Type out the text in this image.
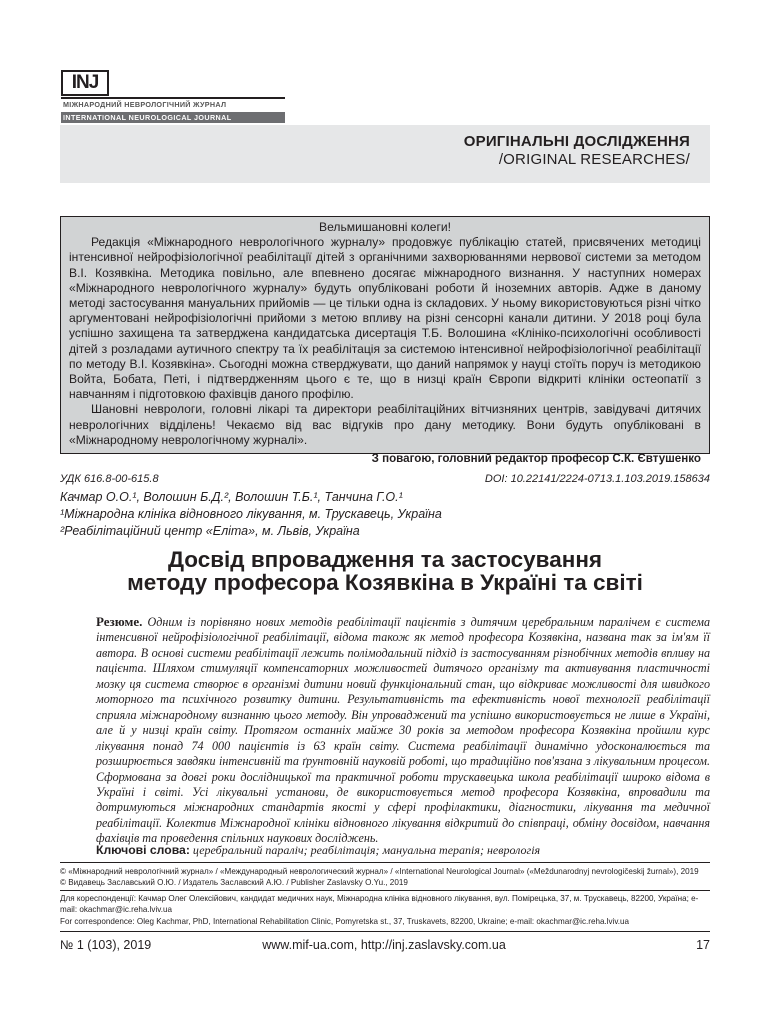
INJ
МІЖНАРОДНИЙ НЕВРОЛОГІЧНИЙ ЖУРНАЛ
INTERNATIONAL NEUROLOGICAL JOURNAL
ОРИГІНАЛЬНІ ДОСЛІДЖЕННЯ
/ORIGINAL RESEARCHES/
Вельмишановні колеги!

Редакція «Міжнародного неврологічного журналу» продовжує публікацію статей, присвячених методиці інтенсивної нейрофізіологічної реабілітації дітей з органічними захворюваннями нервової системи за методом В.І. Козявкіна. Методика повільно, але впевнено досягає міжнародного визнання. У наступних номерах «Міжнародного неврологічного журналу» будуть опубліковані роботи й іноземних авторів. Адже в даному методі застосування мануальних прийомів — це тільки одна із складових. У ньому використовуються різні чітко аргументовані нейрофізіологічні прийоми з метою впливу на різні сенсорні канали дитини. У 2018 році була успішно захищена та затверджена кандидатська дисертація Т.Б. Волошина «Клініко-психологічні особливості дітей з розладами аутичного спектру та їх реабілітація за системою інтенсивної нейрофізіологічної реабілітації по методу В.І. Козявкіна». Сьогодні можна стверджувати, що даний напрямок у науці стоїть поруч із методикою Войта, Бобата, Петі, і підтвердженням цього є те, що в низці країн Європи відкриті клініки остеопатії з навчанням і підготовкою фахівців даного профілю.

Шановні неврологи, головні лікарі та директори реабілітаційних вітчизняних центрів, завідувачі дитячих неврологічних відділень! Чекаємо від вас відгуків про дану методику. Вони будуть опубліковані в «Міжнародному неврологічному журналі».

З повагою, головний редактор професор С.К. Євтушенко
УДК 616.8-00-615.8	DOI: 10.22141/2224-0713.1.103.2019.158634
Качмар О.О.¹, Волошин Б.Д.², Волошин Т.Б.¹, Танчина Г.О.¹
¹Міжнародна клініка відновного лікування, м. Трускавець, Україна
²Реабілітаційний центр «Еліта», м. Львів, Україна
Досвід впровадження та застосування
методу професора Козявкіна в Україні та світі
Резюме. Одним із порівняно нових методів реабілітації пацієнтів з дитячим церебральним паралічем є система інтенсивної нейрофізіологічної реабілітації, відома також як метод професора Козявкіна, названа так за ім'ям її автора. В основі системи реабілітації лежить полімодальний підхід із застосуванням різнобічних методів впливу на пацієнта. Шляхом стимуляції компенсаторних можливостей дитячого організму та активування пластичності мозку ця система створює в організмі дитини новий функціональний стан, що відкриває можливості для швидкого моторного та психічного розвитку дитини. Результативність та ефективність нової технології реабілітації сприяла міжнародному визнанню цього методу. Він упроваджений та успішно використовується не лише в Україні, але й у низці країн світу. Протягом останніх майже 30 років за методом професора Козявкіна пройшли курс лікування понад 74 000 пацієнтів із 63 країн світу. Система реабілітації динамічно удосконалюється та розширюється завдяки інтенсивній та ґрунтовній науковій роботі, що традиційно пов'язана з лікувальним процесом. Сформована за довгі роки дослідницької та практичної роботи трускавецька школа реабілітації широко відома в Україні і світі. Усі лікувальні установи, де використовується метод професора Козявкіна, впровадили та дотримуються міжнародних стандартів якості у сфері профілактики, діагностики, лікування та медичної реабілітації. Колектив Міжнародної клініки відновного лікування відкритий до співпраці, обміну досвідом, навчання фахівців та проведення спільних наукових досліджень.
Ключові слова: церебральний параліч; реабілітація; мануальна терапія; неврологія
© «Міжнародний неврологічний журнал» / «Международный неврологический журнал» / «International Neurological Journal» («Meždunarodnyj nevrologičeskij žurnal»), 2019
© Видавець Заславський О.Ю. / Издатель Заславский А.Ю. / Publisher Zaslavsky O.Yu., 2019
Для кореспонденції: Качмар Олег Олексійович, кандидат медичних наук, Міжнародна клініка відновного лікування, вул. Помірецька, 37, м. Трускавець, 82200, Україна; e-mail: okachmar@ic.reha.lviv.ua
For correspondence: Oleg Kachmar, PhD, International Rehabilitation Clinic, Pomyretska st., 37, Truskavets, 82200, Ukraine; e-mail: okachmar@ic.reha.lviv.ua
№ 1 (103), 2019	www.mif-ua.com, http://inj.zaslavsky.com.ua	17
